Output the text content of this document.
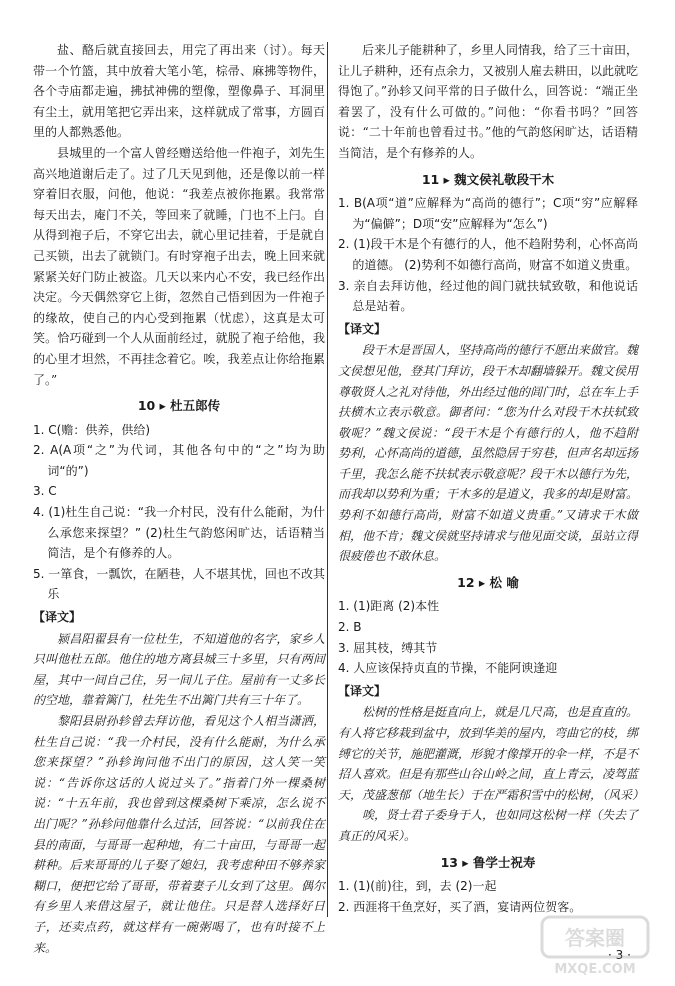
盐、酪后就直接回去，用完了再出来（讨）。每天带一个竹篮，其中放着大笔小笔，棕帚、麻拂等物件，各个寺庙都走遍，拂拭神佛的塑像，塑像鼻子、耳洞里有尘土，就用笔把它弄出来，这样就成了常事，方圆百里的人都熟悉他。

县城里的一个富人曾经赠送给他一件袍子，刘先生高兴地道谢后走了。过了几天见到他，还是像以前一样穿着旧衣服，问他，他说：“我差点被你拖累。我常常每天出去，庵门不关，等回来了就睡，门也不上闩。自从得到袍子后，不穿它出去，就心里记挂着，于是就自己买锁，出去了就锁门。有时穿袍子出去，晚上回来就紧紧关好门防止被盗。几天以来内心不安，我已经作出决定。今天偶然穿它上街，忽然自己悟到因为一件袍子的缘故，使自己的内心受到拖累（忧虑），这真是太可笑。恰巧碰到一个人从面前经过，就脱了袍子给他，我的心里才坦然，不再挂念着它。唉，我差点让你给拖累了。”

10 ▸ 杜五郎传

1. C(赡：供养，供给)

2. A(A项“之”为代词，其他各句中的“之”均为助词“的”)

3. C

4. (1)杜生自己说：“我一介村民，没有什么能耐，为什么承您来探望？” (2)杜生气韵悠闲旷达，话语精当简洁，是个有修养的人。

5. 一箪食，一瓢饮，在陋巷，人不堪其忧，回也不改其乐

【译文】

颍昌阳翟县有一位杜生，不知道他的名字，家乡人只叫他杜五郎。他住的地方离县城三十多里，只有两间屋，其中一间自己住，另一间儿子住。屋前有一丈多长的空地，靠着篱门，杜先生不出篱门共有三十年了。

黎阳县尉孙轸曾去拜访他，看见这个人相当潇洒，杜生自己说：“我一介村民，没有什么能耐，为什么承您来探望？”孙轸询问他不出门的原因，这人笑一笑说：“告诉你这话的人说过头了。”指着门外一棵桑树说：“十五年前，我也曾到这棵桑树下乘凉，怎么说不出门呢？”孙轸问他靠什么过活，回答说：“以前我住在县的南面，与哥哥一起种地，有二十亩田，与哥哥一起耕种。后来哥哥的儿子娶了媳妇，我考虑种田不够养家糊口，便把它给了哥哥，带着妻子儿女到了这里。偶尔有乡里人来借这屋子，就让他住。只是替人选择好日子，还卖点药，就这样有一碗粥喝了，也有时接不上来。

后来儿子能耕种了，乡里人同情我，给了三十亩田，让儿子耕种，还有点余力，又被别人雇去耕田，以此就吃得饱了。”孙轸又问平常的日子做什么，回答说：“端正坐着罢了，没有什么可做的。”问他：“你看书吗？”回答说：“二十年前也曾看过书。”他的气韵悠闲旷达，话语精当简洁，是个有修养的人。

11 ▸ 魏文侯礼敬段干木

1. B(A项“道”应解释为“高尚的德行”；C项“穷”应解释为“偏僻”；D项“安”应解释为“怎么”)

2. (1)段干木是个有德行的人，他不趋附势利，心怀高尚的道德。 (2)势利不如德行高尚，财富不如道义贵重。

3. 亲自去拜访他，经过他的闾门就扶轼致敬，和他说话总是站着。

【译文】

段干木是晋国人，坚持高尚的德行不愿出来做官。魏文侯想见他，登其门拜访，段干木却翻墙躲开。魏文侯用尊敬贤人之礼对待他，外出经过他的闾门时，总在车上手扶横木立表示敬意。御者问：“您为什么对段干木扶轼致敬呢？”魏文侯说：“段干木是个有德行的人，他不趋附势利，心怀高尚的道德，虽然隐居于穷巷，但声名却远扬千里，我怎么能不扶轼表示敬意呢？段干木以德行为先，而我却以势利为重；干木多的是道义，我多的却是财富。势利不如德行高尚，财富不如道义贵重。”又请求干木做相，他不肯；魏文侯就坚持请求与他见面交谈，虽站立得很疲倦也不敢休息。

12 ▸ 松 喻

1. (1)距离 (2)本性

2. B

3. 屈其枝，缚其节

4. 人应该保持贞直的节操，不能阿谀逢迎

【译文】

松树的性格是挺直向上，就是几尺高，也是直直的。有人将它移栽到盆中，放到华美的屋内，弯曲它的枝，绑缚它的关节，施肥灌溉，形貌才像撑开的伞一样，不是不招人喜欢。但是有那些山谷山岭之间，直上青云，凌驾蓝天，茂盛葱郁（地生长）于在严霜积雪中的松树，（风采）

唉，贤士君子委身于人，也如同这松树一样（失去了真正的风采）。

13 ▸ 鲁学士祝寿

1. (1)(前)往，到，去 (2)一起

2. 西涯将干鱼烹好，买了酒，宴请两位贺客。

· 3 ·
答案圈
MXQE.COM
